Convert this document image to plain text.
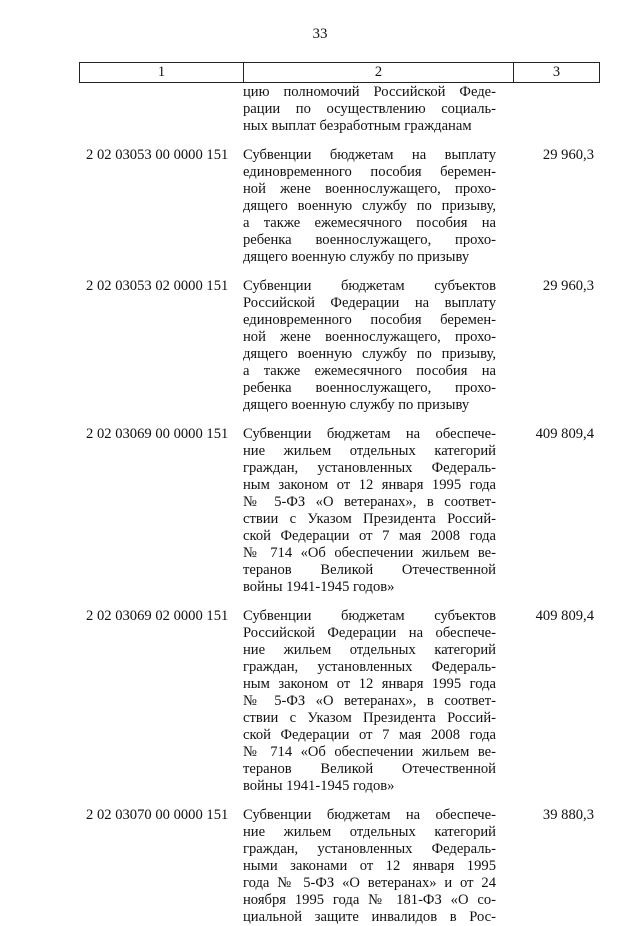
33
1	2	3
цию полномочий Российской Феде-
рации по осуществлению социаль-
ных выплат безработным гражданам
2 02 03053 00 0000 151	Субвенции бюджетам на выплату
единовременного пособия беремен-
ной жене военнослужащего, прохо-
дящего военную службу по призыву,
а также ежемесячного пособия на
ребенка военнослужащего, прохо-
дящего военную службу по призыву
29 960,3
2 02 03053 02 0000 151	Субвенции бюджетам субъектов
Российской Федерации на выплату
единовременного пособия беремен-
ной жене военнослужащего, прохо-
дящего военную службу по призыву,
а также ежемесячного пособия на
ребенка военнослужащего, прохо-
дящего военную службу по призыву
29 960,3
2 02 03069 00 0000 151	Субвенции бюджетам на обеспече-
ние жильем отдельных категорий
граждан, установленных Федераль-
ным законом от 12 января 1995 года
№ 5-ФЗ «О ветеранах», в соответ-
ствии с Указом Президента Россий-
ской Федерации от 7 мая 2008 года
№ 714 «Об обеспечении жильем ве-
теранов Великой Отечественной
войны 1941-1945 годов»
409 809,4
2 02 03069 02 0000 151	Субвенции бюджетам субъектов
Российской Федерации на обеспече-
ние жильем отдельных категорий
граждан, установленных Федераль-
ным законом от 12 января 1995 года
№ 5-ФЗ «О ветеранах», в соответ-
ствии с Указом Президента Россий-
ской Федерации от 7 мая 2008 года
№ 714 «Об обеспечении жильем ве-
теранов Великой Отечественной
войны 1941-1945 годов»
409 809,4
2 02 03070 00 0000 151	Субвенции бюджетам на обеспече-
ние жильем отдельных категорий
граждан, установленных Федераль-
ными законами от 12 января 1995
года № 5-ФЗ «О ветеранах» и от 24
ноября 1995 года № 181-ФЗ «О со-
циальной защите инвалидов в Рос-
39 880,3
